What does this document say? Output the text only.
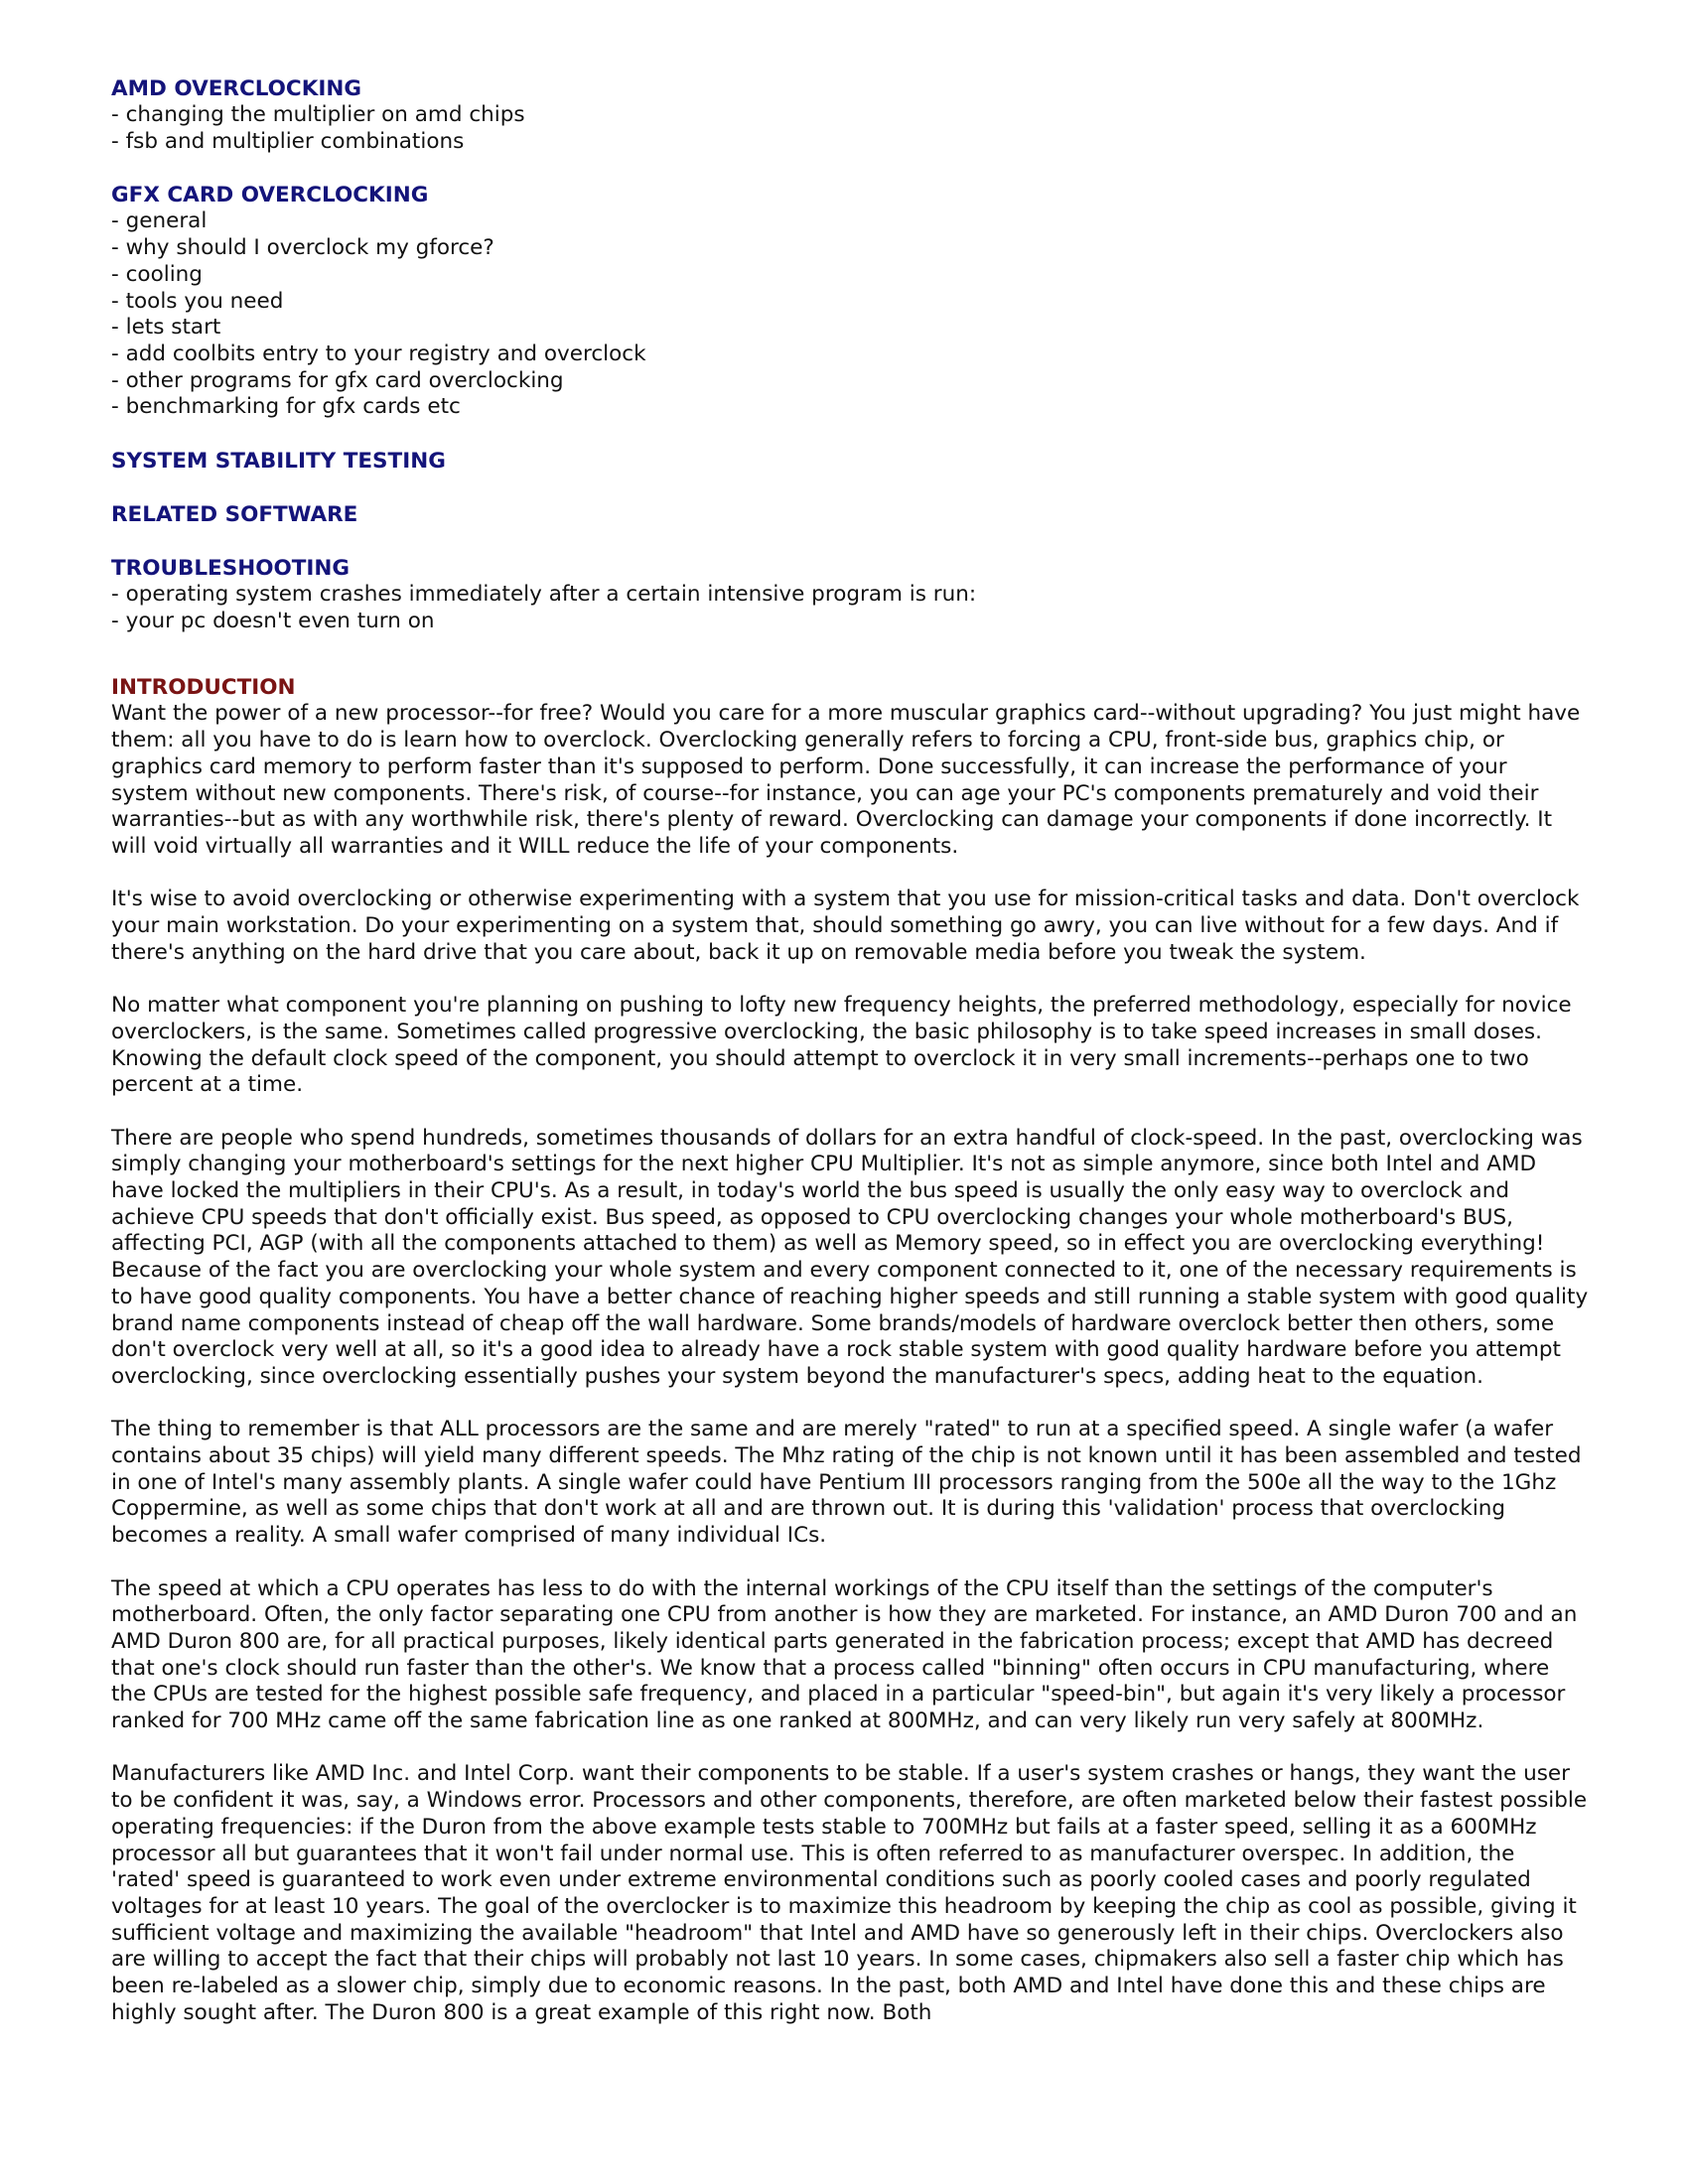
AMD OVERCLOCKING
- changing the multiplier on amd chips
- fsb and multiplier combinations
GFX CARD OVERCLOCKING
- general
- why should I overclock my gforce?
- cooling
- tools you need
- lets start
- add coolbits entry to your registry and overclock
- other programs for gfx card overclocking
- benchmarking for gfx cards etc
SYSTEM STABILITY TESTING
RELATED SOFTWARE
TROUBLESHOOTING
- operating system crashes immediately after a certain intensive program is run:
- your pc doesn't even turn on
INTRODUCTION

Want the power of a new processor--for free? Would you care for a more muscular graphics card--without upgrading? You just might have them: all you have to do is learn how to overclock. Overclocking generally refers to forcing a CPU, front-side bus, graphics chip, or graphics card memory to perform faster than it's supposed to perform. Done successfully, it can increase the performance of your system without new components. There's risk, of course--for instance, you can age your PC's components prematurely and void their warranties--but as with any worthwhile risk, there's plenty of reward. Overclocking can damage your components if done incorrectly. It will void virtually all warranties and it WILL reduce the life of your components.

It's wise to avoid overclocking or otherwise experimenting with a system that you use for mission-critical tasks and data. Don't overclock your main workstation. Do your experimenting on a system that, should something go awry, you can live without for a few days. And if there's anything on the hard drive that you care about, back it up on removable media before you tweak the system.

No matter what component you're planning on pushing to lofty new frequency heights, the preferred methodology, especially for novice overclockers, is the same. Sometimes called progressive overclocking, the basic philosophy is to take speed increases in small doses. Knowing the default clock speed of the component, you should attempt to overclock it in very small increments--perhaps one to two percent at a time.

There are people who spend hundreds, sometimes thousands of dollars for an extra handful of clock-speed. In the past, overclocking was simply changing your motherboard's settings for the next higher CPU Multiplier. It's not as simple anymore, since both Intel and AMD have locked the multipliers in their CPU's. As a result, in today's world the bus speed is usually the only easy way to overclock and achieve CPU speeds that don't officially exist. Bus speed, as opposed to CPU overclocking changes your whole motherboard's BUS, affecting PCI, AGP (with all the components attached to them) as well as Memory speed, so in effect you are overclocking everything! Because of the fact you are overclocking your whole system and every component connected to it, one of the necessary requirements is to have good quality components. You have a better chance of reaching higher speeds and still running a stable system with good quality brand name components instead of cheap off the wall hardware. Some brands/models of hardware overclock better then others, some don't overclock very well at all, so it's a good idea to already have a rock stable system with good quality hardware before you attempt overclocking, since overclocking essentially pushes your system beyond the manufacturer's specs, adding heat to the equation.

The thing to remember is that ALL processors are the same and are merely "rated" to run at a specified speed. A single wafer (a wafer contains about 35 chips) will yield many different speeds. The Mhz rating of the chip is not known until it has been assembled and tested in one of Intel's many assembly plants. A single wafer could have Pentium III processors ranging from the 500e all the way to the 1Ghz Coppermine, as well as some chips that don't work at all and are thrown out. It is during this 'validation' process that overclocking becomes a reality. A small wafer comprised of many individual ICs.

The speed at which a CPU operates has less to do with the internal workings of the CPU itself than the settings of the computer's motherboard. Often, the only factor separating one CPU from another is how they are marketed. For instance, an AMD Duron 700 and an AMD Duron 800 are, for all practical purposes, likely identical parts generated in the fabrication process; except that AMD has decreed that one's clock should run faster than the other's. We know that a process called "binning" often occurs in CPU manufacturing, where the CPUs are tested for the highest possible safe frequency, and placed in a particular "speed-bin", but again it's very likely a processor ranked for 700 MHz came off the same fabrication line as one ranked at 800MHz, and can very likely run very safely at 800MHz.

Manufacturers like AMD Inc. and Intel Corp. want their components to be stable. If a user's system crashes or hangs, they want the user to be confident it was, say, a Windows error. Processors and other components, therefore, are often marketed below their fastest possible operating frequencies: if the Duron from the above example tests stable to 700MHz but fails at a faster speed, selling it as a 600MHz processor all but guarantees that it won't fail under normal use. This is often referred to as manufacturer overspec. In addition, the 'rated' speed is guaranteed to work even under extreme environmental conditions such as poorly cooled cases and poorly regulated voltages for at least 10 years. The goal of the overclocker is to maximize this headroom by keeping the chip as cool as possible, giving it sufficient voltage and maximizing the available "headroom" that Intel and AMD have so generously left in their chips. Overclockers also are willing to accept the fact that their chips will probably not last 10 years. In some cases, chipmakers also sell a faster chip which has been re-labeled as a slower chip, simply due to economic reasons. In the past, both AMD and Intel have done this and these chips are highly sought after. The Duron 800 is a great example of this right now. Both
